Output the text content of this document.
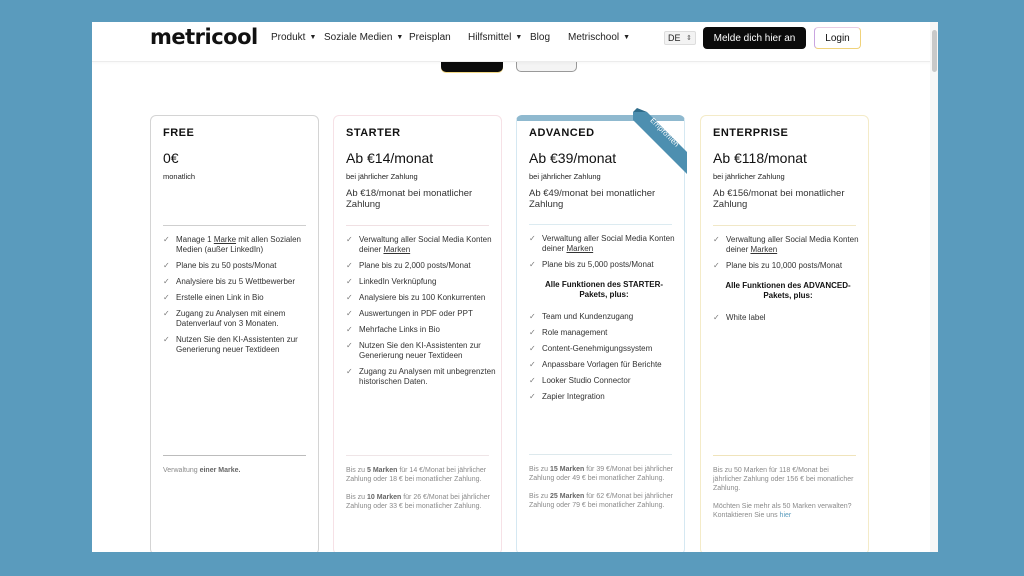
metricool Produkt ▼ Soziale Medien ▼ Preisplan Hilfsmittel ▼ Blog Metrischool ▼	DE ⇕	Melde dich hier an	Login
FREE
0€
monatlich
✓ Manage 1 Marke mit allen Sozialen Medien (außer LinkedIn)
✓ Plane bis zu 50 posts/Monat
✓ Analysiere bis zu 5 Wettbewerber
✓ Erstelle einen Link in Bio
✓ Zugang zu Analysen mit einem Datenverlauf von 3 Monaten.
✓ Nutzen Sie den KI-Assistenten zur Generierung neuer Textideen

Verwaltung einer Marke.

STARTER
Ab €14/monat
bei jährlicher Zahlung
Ab €18/monat bei monatlicher Zahlung
✓ Verwaltung aller Social Media Konten deiner Marken
✓ Plane bis zu 2,000 posts/Monat
✓ LinkedIn Verknüpfung
✓ Analysiere bis zu 100 Konkurrenten
✓ Auswertungen in PDF oder PPT
✓ Mehrfache Links in Bio
✓ Nutzen Sie den KI-Assistenten zur Generierung neuer Textideen
✓ Zugang zu Analysen mit unbegrenzten historischen Daten.

Bis zu 5 Marken für 14 €/Monat bei jährlicher Zahlung oder 18 € bei monatlicher Zahlung.

Bis zu 10 Marken für 26 €/Monat bei jährlicher Zahlung oder 33 € bei monatlicher Zahlung.

Empfohlen
ADVANCED
Ab €39/monat
bei jährlicher Zahlung
Ab €49/monat bei monatlicher Zahlung
✓ Verwaltung aller Social Media Konten deiner Marken
✓ Plane bis zu 5,000 posts/Monat
Alle Funktionen des STARTER-Pakets, plus:
✓ Team und Kundenzugang
✓ Role management
✓ Content-Genehmigungssystem
✓ Anpassbare Vorlagen für Berichte
✓ Looker Studio Connector
✓ Zapier Integration

Bis zu 15 Marken für 39 €/Monat bei jährlicher Zahlung oder 49 € bei monatlicher Zahlung.

Bis zu 25 Marken für 62 €/Monat bei jährlicher Zahlung oder 79 € bei monatlicher Zahlung.

ENTERPRISE
Ab €118/monat
bei jährlicher Zahlung
Ab €156/monat bei monatlicher Zahlung
✓ Verwaltung aller Social Media Konten deiner Marken
✓ Plane bis zu 10,000 posts/Monat
Alle Funktionen des ADVANCED-Pakets, plus:
✓ White label

Bis zu 50 Marken für 118 €/Monat bei jährlicher Zahlung oder 156 € bei monatlicher Zahlung.

Möchten Sie mehr als 50 Marken verwalten? Kontaktieren Sie uns hier
